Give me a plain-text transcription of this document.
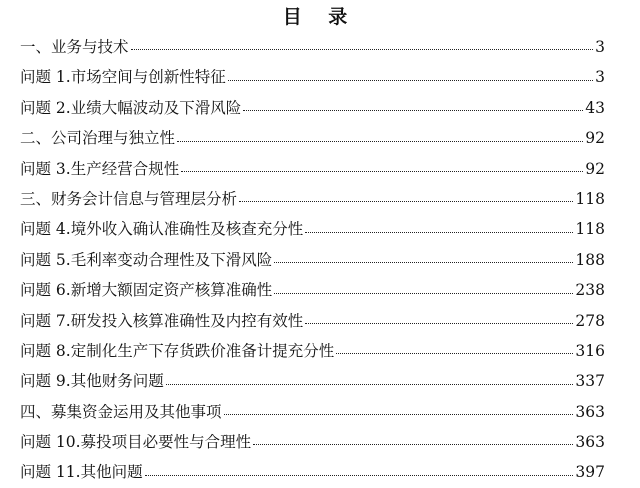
目 录
一、业务与技术	3
问题 1.市场空间与创新性特征	3
问题 2.业绩大幅波动及下滑风险	43
二、公司治理与独立性	92
问题 3.生产经营合规性	92
三、财务会计信息与管理层分析	118
问题 4.境外收入确认准确性及核查充分性	118
问题 5.毛利率变动合理性及下滑风险	188
问题 6.新增大额固定资产核算准确性	238
问题 7.研发投入核算准确性及内控有效性	278
问题 8.定制化生产下存货跌价准备计提充分性	316
问题 9.其他财务问题	337
四、募集资金运用及其他事项	363
问题 10.募投项目必要性与合理性	363
问题 11.其他问题	397
